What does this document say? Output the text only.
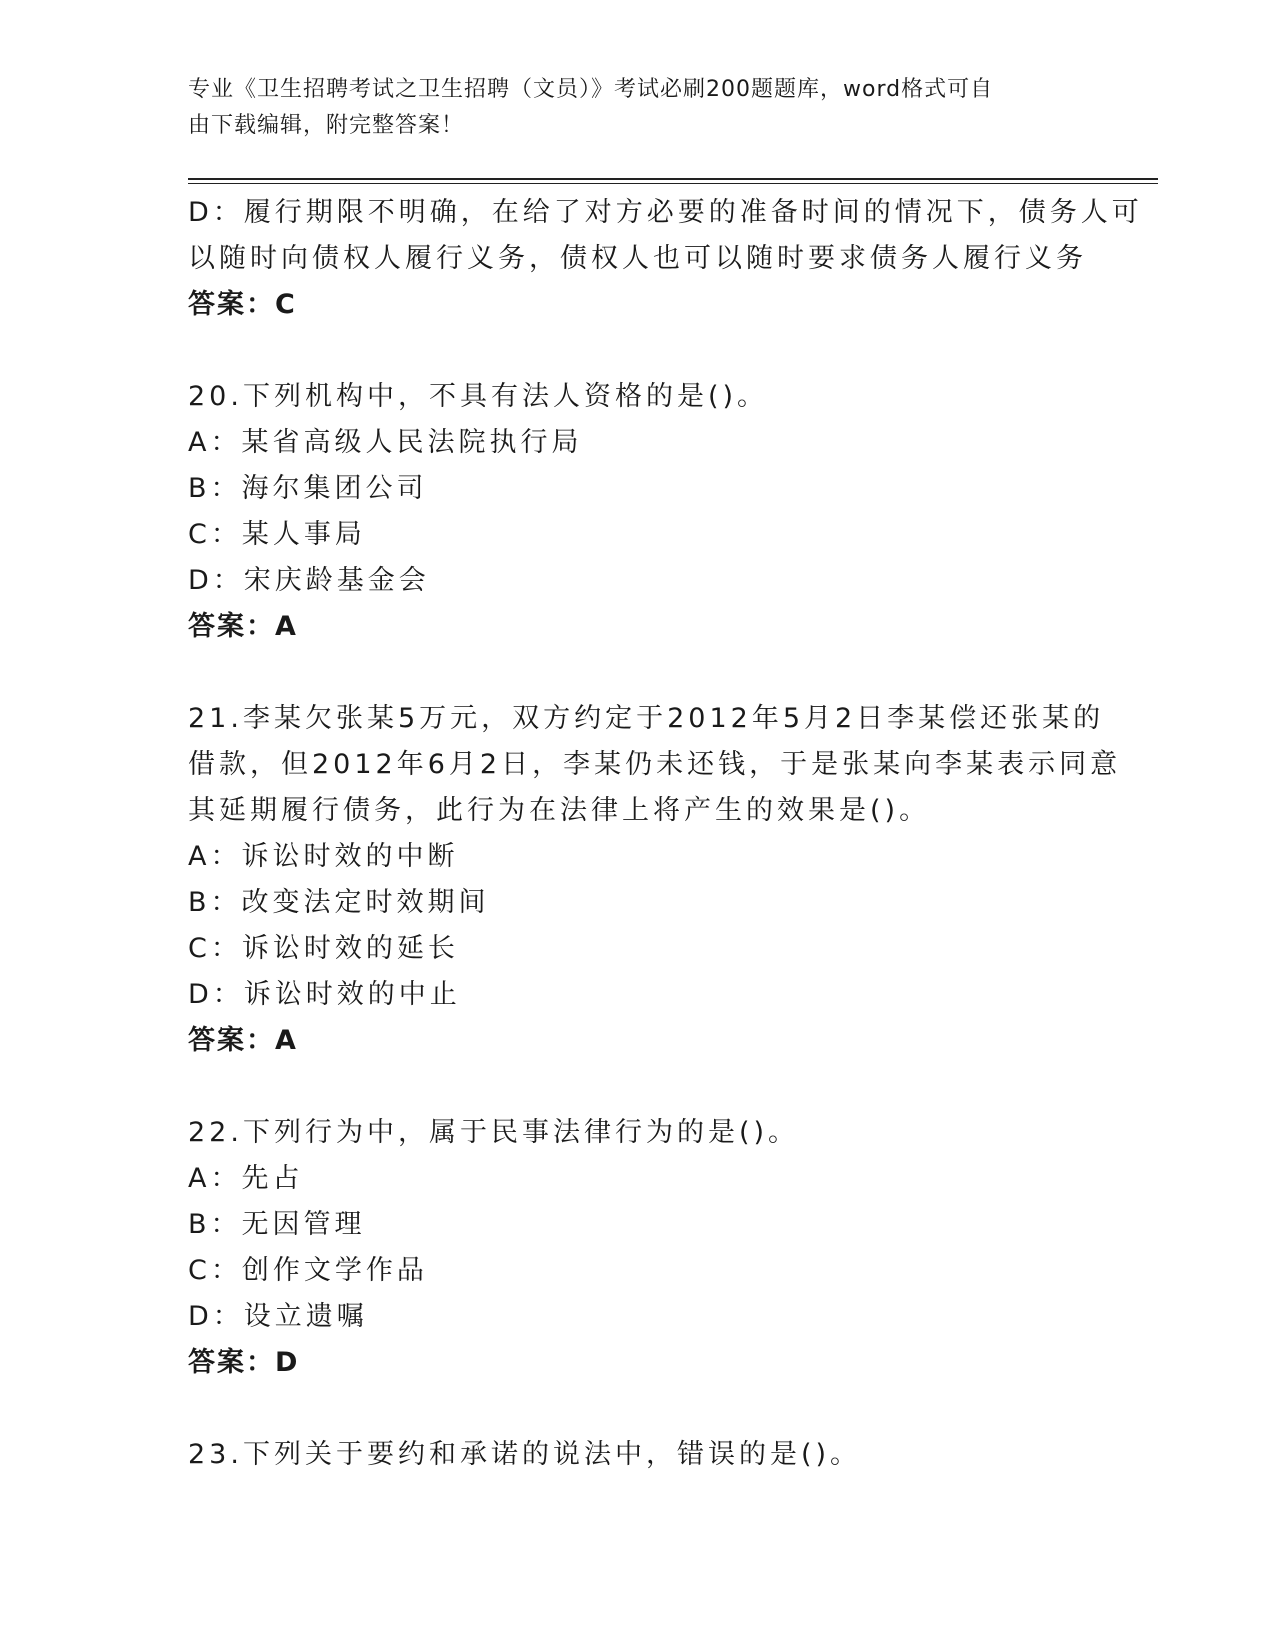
专业《卫生招聘考试之卫生招聘（文员）》考试必刷200题题库，word格式可自
由下载编辑，附完整答案！
D：履行期限不明确，在给了对方必要的准备时间的情况下，债务人可
以随时向债权人履行义务，债权人也可以随时要求债务人履行义务
答案：C
20.下列机构中，不具有法人资格的是()。
A：某省高级人民法院执行局
B：海尔集团公司
C：某人事局
D：宋庆龄基金会
答案：A
21.李某欠张某5万元，双方约定于2012年5月2日李某偿还张某的
借款，但2012年6月2日，李某仍未还钱，于是张某向李某表示同意
其延期履行债务，此行为在法律上将产生的效果是()。
A：诉讼时效的中断
B：改变法定时效期间
C：诉讼时效的延长
D：诉讼时效的中止
答案：A
22.下列行为中，属于民事法律行为的是()。
A：先占
B：无因管理
C：创作文学作品
D：设立遗嘱
答案：D
23.下列关于要约和承诺的说法中，错误的是()。
